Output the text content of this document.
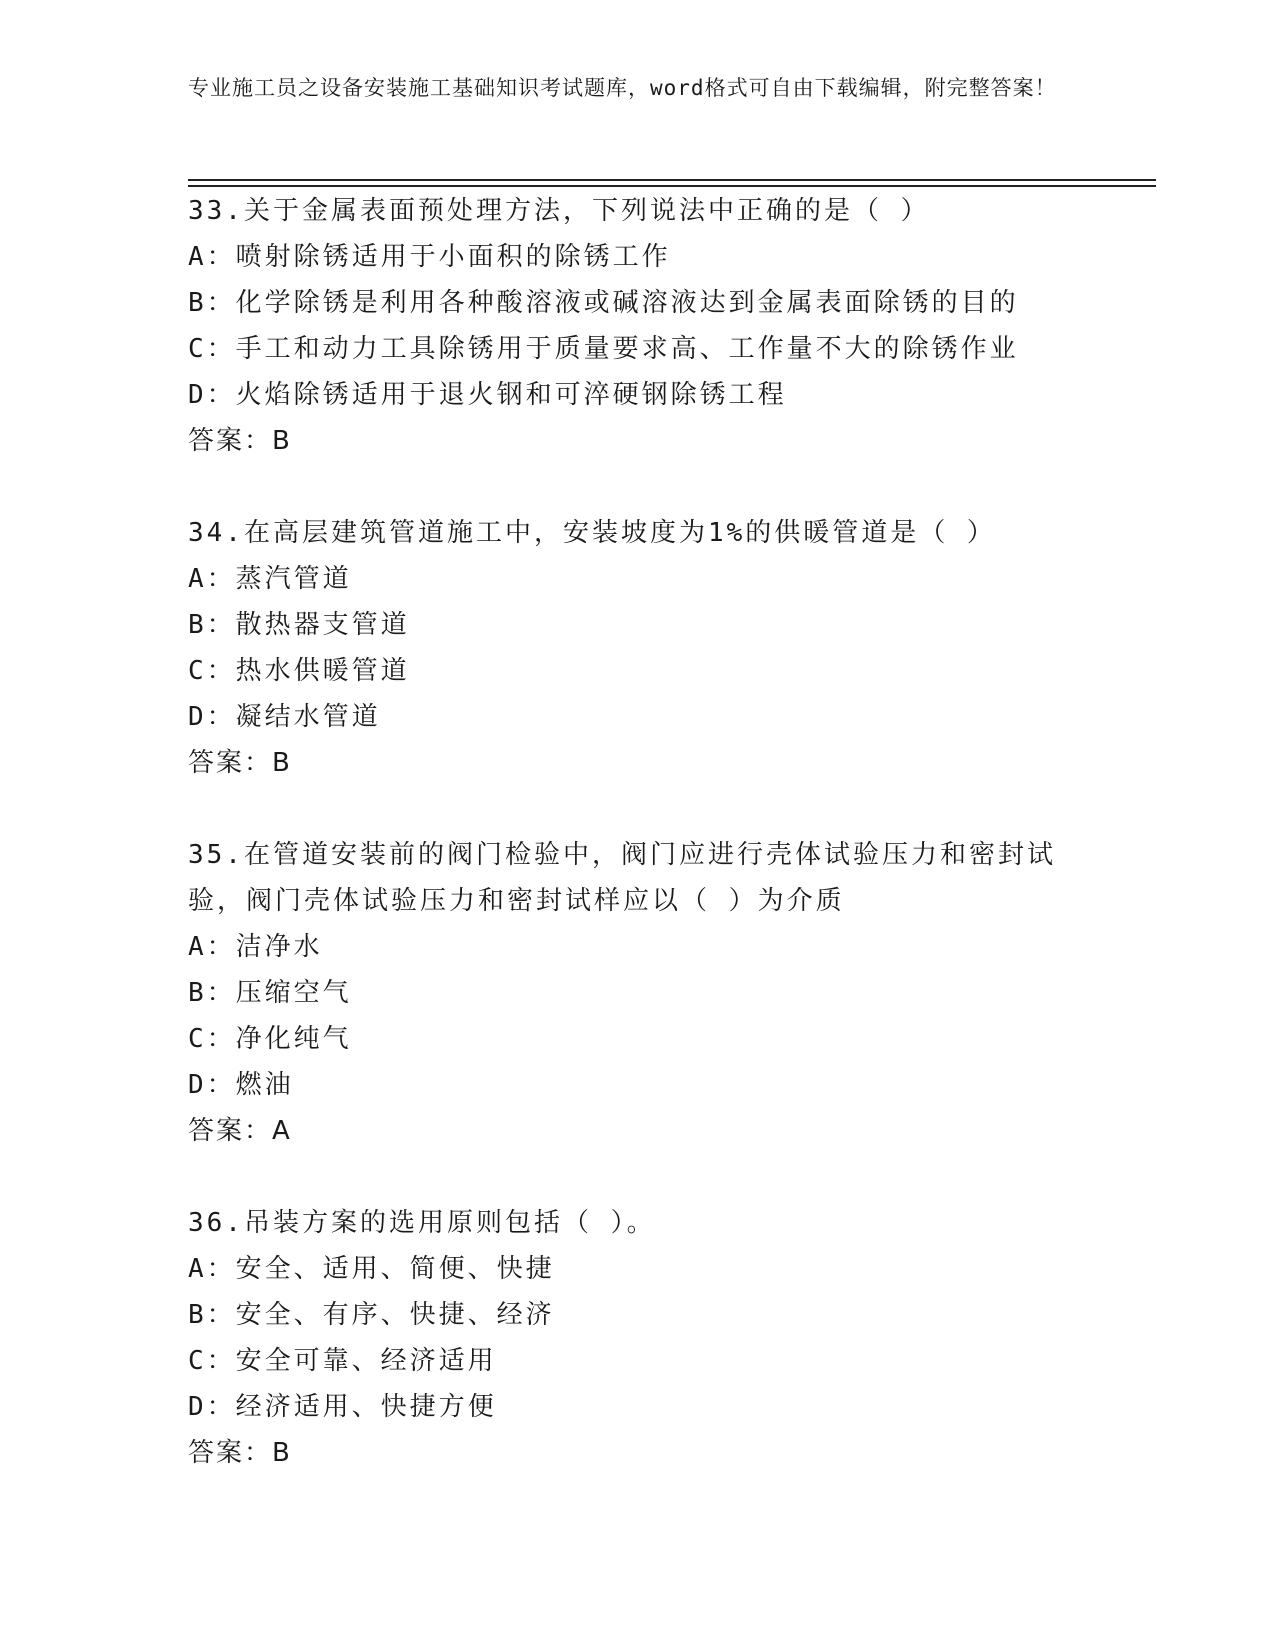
专业施工员之设备安装施工基础知识考试题库，word格式可自由下载编辑，附完整答案！
33.关于金属表面预处理方法，下列说法中正确的是（ ）
A：喷射除锈适用于小面积的除锈工作
B：化学除锈是利用各种酸溶液或碱溶液达到金属表面除锈的目的
C：手工和动力工具除锈用于质量要求高、工作量不大的除锈作业
D：火焰除锈适用于退火钢和可淬硬钢除锈工程
答案：B
34.在高层建筑管道施工中，安装坡度为1%的供暖管道是（ ）
A：蒸汽管道
B：散热器支管道
C：热水供暖管道
D：凝结水管道
答案：B
35.在管道安装前的阀门检验中，阀门应进行壳体试验压力和密封试验，阀门壳体试验压力和密封试样应以（ ）为介质
A：洁净水
B：压缩空气
C：净化纯气
D：燃油
答案：A
36.吊装方案的选用原则包括（ ）。
A：安全、适用、简便、快捷
B：安全、有序、快捷、经济
C：安全可靠、经济适用
D：经济适用、快捷方便
答案：B
